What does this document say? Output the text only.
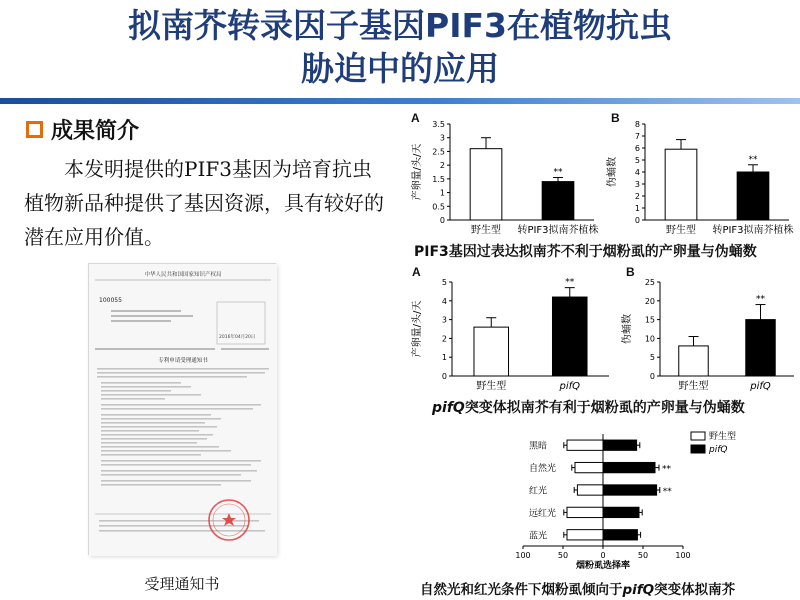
拟南芥转录因子基因PIF3在植物抗虫
胁迫中的应用
成果简介

本发明提供的PIF3基因为培育抗虫植物新品种提供了基因资源，具有较好的潜在应用价值。

中华人民共和国国家知识产权局
100055
2016年04月20日
专利申请受理通知书
受理通知书
A
0
0.5
1
1.5
2
2.5
3
3.5
野生型
**
转PIF3拟南芥植株
产卵量/头/天
B
0
1
2
3
4
5
6
7
8
野生型
**
转PIF3拟南芥植株
伪蛹数
PIF3基因过表达拟南芥不利于烟粉虱的产卵量与伪蛹数
A
0
1
2
3
4
5
野生型
**
pifQ
产卵量/头/天
B
0
5
10
15
20
25
野生型
**
pifQ
伪蛹数
pifQ突变体拟南芥有利于烟粉虱的产卵量与伪蛹数
100	50	0	50	100
烟粉虱选择率
黑暗
自然光	**
红光	**
远红光
蓝光
野生型
pifQ
自然光和红光条件下烟粉虱倾向于pifQ突变体拟南芥
